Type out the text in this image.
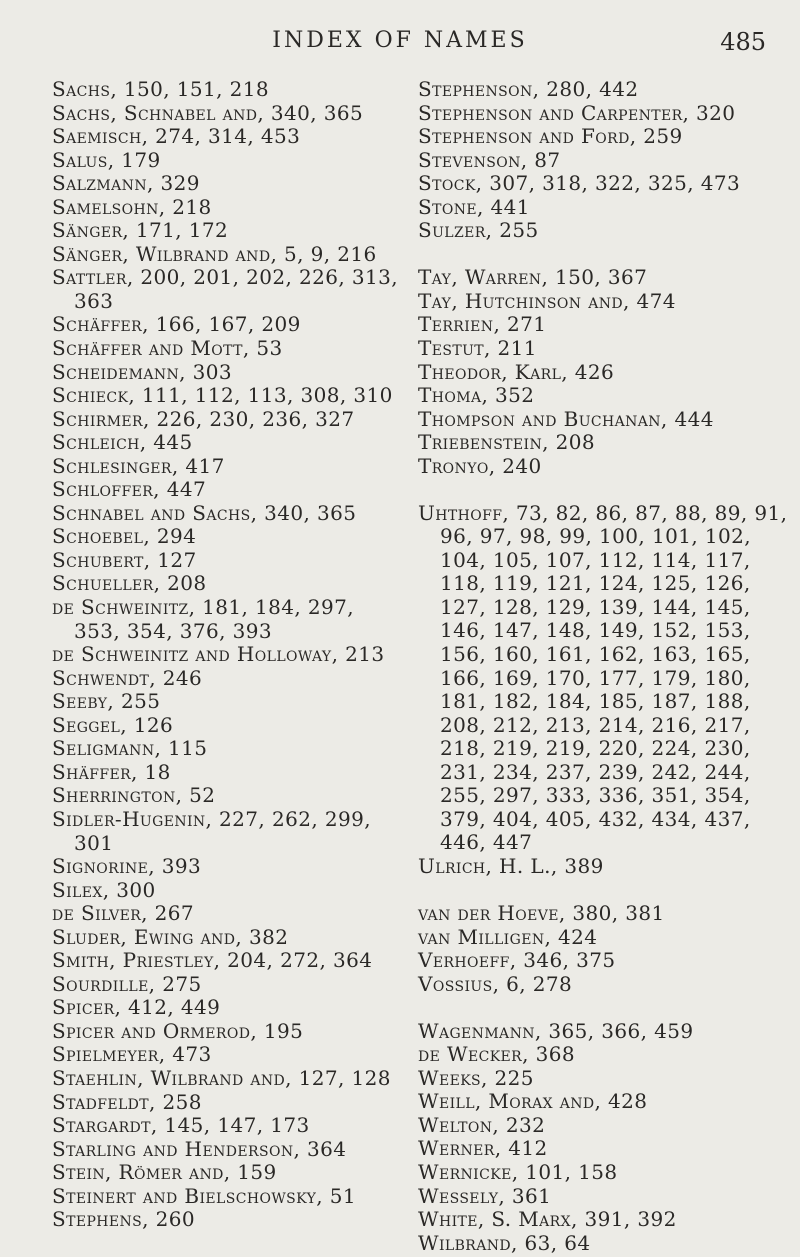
INDEX OF NAMES	485
Sachs, 150, 151, 218
Sachs, Schnabel and, 340, 365
Saemisch, 274, 314, 453
Salus, 179
Salzmann, 329
Samelsohn, 218
Sänger, 171, 172
Sänger, Wilbrand and, 5, 9, 216
Sattler, 200, 201, 202, 226, 313, 363
Schäffer, 166, 167, 209
Schäffer and Mott, 53
Scheidemann, 303
Schieck, 111, 112, 113, 308, 310
Schirmer, 226, 230, 236, 327
Schleich, 445
Schlesinger, 417
Schloffer, 447
Schnabel and Sachs, 340, 365
Schoebel, 294
Schubert, 127
Schueller, 208
de Schweinitz, 181, 184, 297, 353, 354, 376, 393
de Schweinitz and Holloway, 213
Schwendt, 246
Seeby, 255
Seggel, 126
Seligmann, 115
Shäffer, 18
Sherrington, 52
Sidler-Hugenin, 227, 262, 299, 301
Signorine, 393
Silex, 300
de Silver, 267
Sluder, Ewing and, 382
Smith, Priestley, 204, 272, 364
Sourdille, 275
Spicer, 412, 449
Spicer and Ormerod, 195
Spielmeyer, 473
Staehlin, Wilbrand and, 127, 128
Stadfeldt, 258
Stargardt, 145, 147, 173
Starling and Henderson, 364
Stein, Römer and, 159
Steinert and Bielschowsky, 51
Stephens, 260
Stephenson, 280, 442
Stephenson and Carpenter, 320
Stephenson and Ford, 259
Stevenson, 87
Stock, 307, 318, 322, 325, 473
Stone, 441
Sulzer, 255
Tay, Warren, 150, 367
Tay, Hutchinson and, 474
Terrien, 271
Testut, 211
Theodor, Karl, 426
Thoma, 352
Thompson and Buchanan, 444
Triebenstein, 208
Tronyo, 240
Uhthoff, 73, 82, 86, 87, 88, 89, 91, 96, 97, 98, 99, 100, 101, 102, 104, 105, 107, 112, 114, 117, 118, 119, 121, 124, 125, 126, 127, 128, 129, 139, 144, 145, 146, 147, 148, 149, 152, 153, 156, 160, 161, 162, 163, 165, 166, 169, 170, 177, 179, 180, 181, 182, 184, 185, 187, 188, 208, 212, 213, 214, 216, 217, 218, 219, 219, 220, 224, 230, 231, 234, 237, 239, 242, 244, 255, 297, 333, 336, 351, 354, 379, 404, 405, 432, 434, 437, 446, 447
Ulrich, H. L., 389
van der Hoeve, 380, 381
van Milligen, 424
Verhoeff, 346, 375
Vossius, 6, 278
Wagenmann, 365, 366, 459
de Wecker, 368
Weeks, 225
Weill, Morax and, 428
Welton, 232
Werner, 412
Wernicke, 101, 158
Wessely, 361
White, S. Marx, 391, 392
Wilbrand, 63, 64
